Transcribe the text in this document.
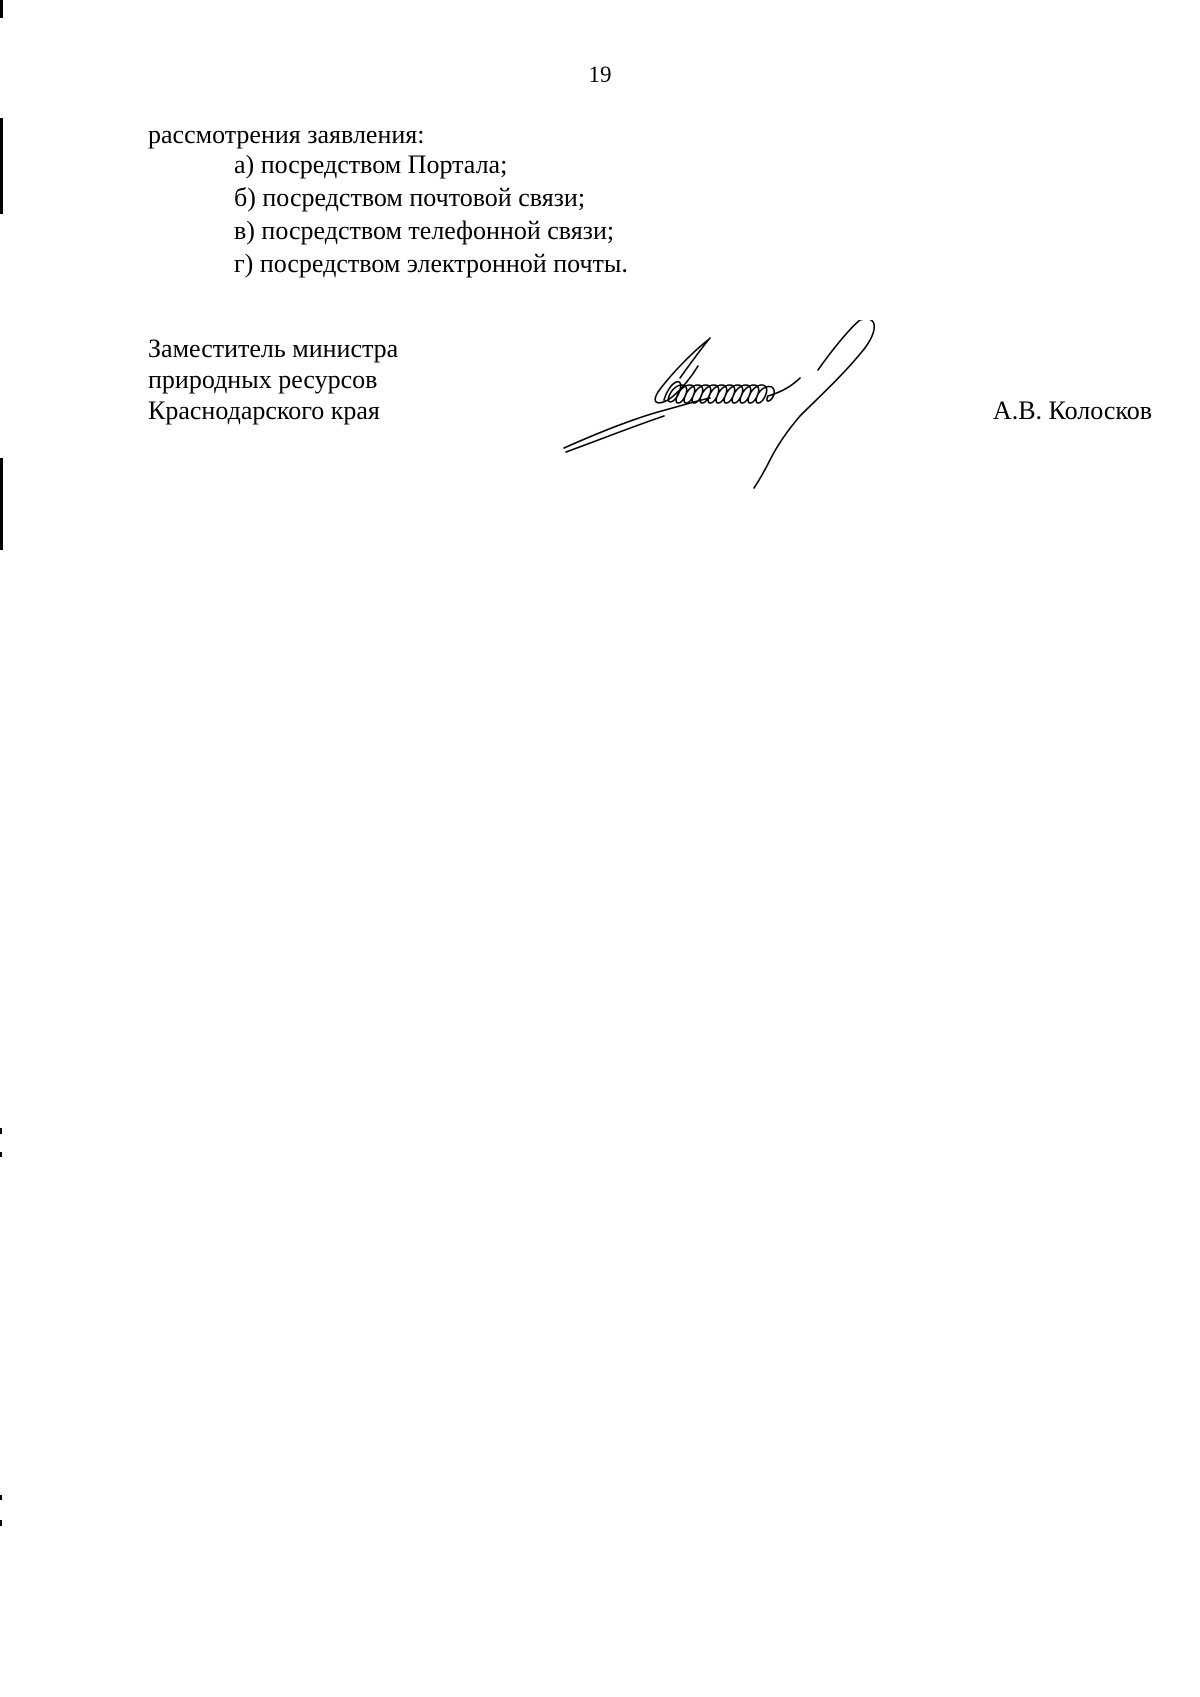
19
рассмотрения заявления:
а) посредством Портала;
б) посредством почтовой связи;
в) посредством телефонной связи;
г) посредством электронной почты.
Заместитель министра
природных ресурсов
Краснодарского края	А.В. Колосков
